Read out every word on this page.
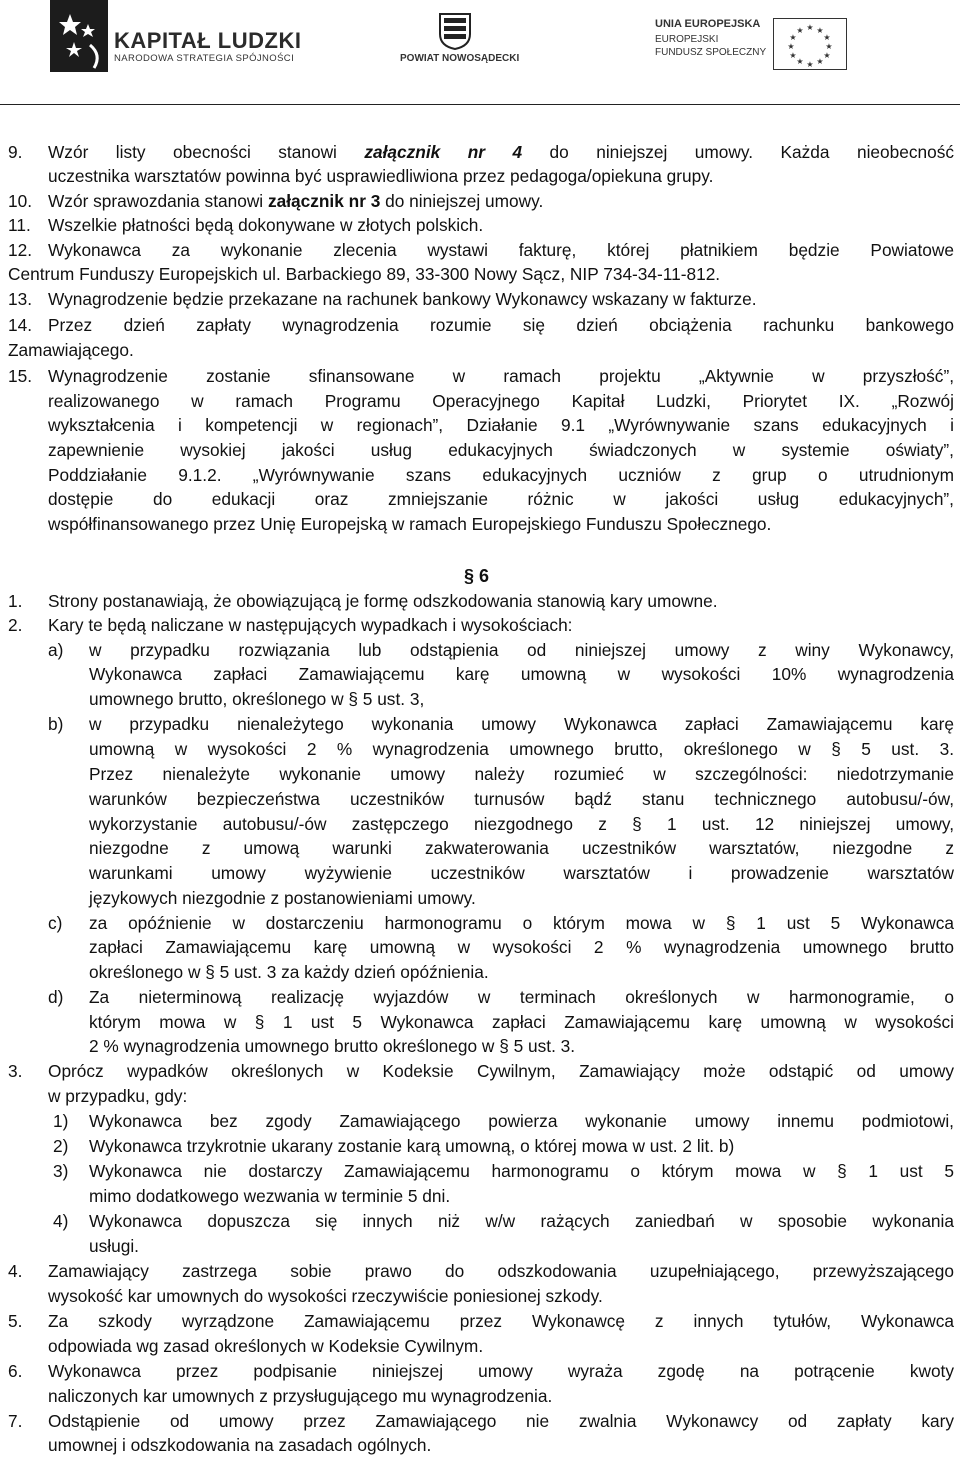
KAPITAŁ LUDZKI
NARODOWA STRATEGIA SPÓJNOŚCI	POWIAT NOWOSĄDECKI
UNIA EUROPEJSKA
EUROPEJSKI
FUNDUSZ SPOŁECZNY
★ ★
★
★
★
★
★
★
★
★
★
★
9. Wzór listy obecności stanowi załącznik nr 4 do niniejszej umowy. Każda nieobecność
uczestnika warsztatów powinna być usprawiedliwiona przez pedagoga/opiekuna grupy.
10. Wzór sprawozdania stanowi załącznik nr 3 do niniejszej umowy.
11. Wszelkie płatności będą dokonywane w złotych polskich.
12. Wykonawca za wykonanie zlecenia wystawi fakturę, której płatnikiem będzie Powiatowe
Centrum Funduszy Europejskich ul. Barbackiego 89, 33-300 Nowy Sącz, NIP 734-34-11-812.
13. Wynagrodzenie będzie przekazane na rachunek bankowy Wykonawcy wskazany w fakturze.
14. Przez dzień zapłaty wynagrodzenia rozumie się dzień obciążenia rachunku bankowego
Zamawiającego.
15. Wynagrodzenie zostanie sfinansowane w ramach projektu „Aktywnie w przyszłość”,
realizowanego w ramach Programu Operacyjnego Kapitał Ludzki, Priorytet IX. „Rozwój
wykształcenia i kompetencji w regionach”, Działanie 9.1 „Wyrównywanie szans edukacyjnych i
zapewnienie wysokiej jakości usług edukacyjnych świadczonych w systemie oświaty”,
Poddziałanie 9.1.2. „Wyrównywanie szans edukacyjnych uczniów z grup o utrudnionym
dostępie do edukacji oraz zmniejszanie różnic w jakości usług edukacyjnych”,
współfinansowanego przez Unię Europejską w ramach Europejskiego Funduszu Społecznego.
§ 6
1. Strony postanawiają, że obowiązującą je formę odszkodowania stanowią kary umowne.
2. Kary te będą naliczane w następujących wypadkach i wysokościach:
a) w przypadku rozwiązania lub odstąpienia od niniejszej umowy z winy Wykonawcy,
Wykonawca zapłaci Zamawiającemu karę umowną w wysokości 10% wynagrodzenia
umownego brutto, określonego w § 5 ust. 3,
b) w przypadku nienależytego wykonania umowy Wykonawca zapłaci Zamawiającemu karę
umowną w wysokości 2 % wynagrodzenia umownego brutto, określonego w § 5 ust. 3.
Przez nienależyte wykonanie umowy należy rozumieć w szczególności: niedotrzymanie
warunków bezpieczeństwa uczestników turnusów bądź stanu technicznego autobusu/-ów,
wykorzystanie autobusu/-ów zastępczego niezgodnego z § 1 ust. 12 niniejszej umowy,
niezgodne z umową warunki zakwaterowania uczestników warsztatów, niezgodne z
warunkami umowy wyżywienie uczestników warsztatów i prowadzenie warsztatów
językowych niezgodnie z postanowieniami umowy.
c) za opóźnienie w dostarczeniu harmonogramu o którym mowa w § 1 ust 5 Wykonawca
zapłaci Zamawiającemu karę umowną w wysokości 2 % wynagrodzenia umownego brutto
określonego w § 5 ust. 3 za każdy dzień opóźnienia.
d) Za nieterminową realizację wyjazdów w terminach określonych w harmonogramie, o
którym mowa w § 1 ust 5 Wykonawca zapłaci Zamawiającemu karę umowną w wysokości
2 % wynagrodzenia umownego brutto określonego w § 5 ust. 3.
3. Oprócz wypadków określonych w Kodeksie Cywilnym, Zamawiający może odstąpić od umowy
w przypadku, gdy:
1) Wykonawca bez zgody Zamawiającego powierza wykonanie umowy innemu podmiotowi,
2) Wykonawca trzykrotnie ukarany zostanie karą umowną, o której mowa w ust. 2 lit. b)
3) Wykonawca nie dostarczy Zamawiającemu harmonogramu o którym mowa w § 1 ust 5
mimo dodatkowego wezwania w terminie 5 dni.
4) Wykonawca dopuszcza się innych niż w/w rażących zaniedbań w sposobie wykonania
usługi.
4. Zamawiający zastrzega sobie prawo do odszkodowania uzupełniającego, przewyższającego
wysokość kar umownych do wysokości rzeczywiście poniesionej szkody.
5. Za szkody wyrządzone Zamawiającemu przez Wykonawcę z innych tytułów, Wykonawca
odpowiada wg zasad określonych w Kodeksie Cywilnym.
6. Wykonawca przez podpisanie niniejszej umowy wyraża zgodę na potrącenie kwoty
naliczonych kar umownych z przysługującego mu wynagrodzenia.
7. Odstąpienie od umowy przez Zamawiającego nie zwalnia Wykonawcy od zapłaty kary
umownej i odszkodowania na zasadach ogólnych.
